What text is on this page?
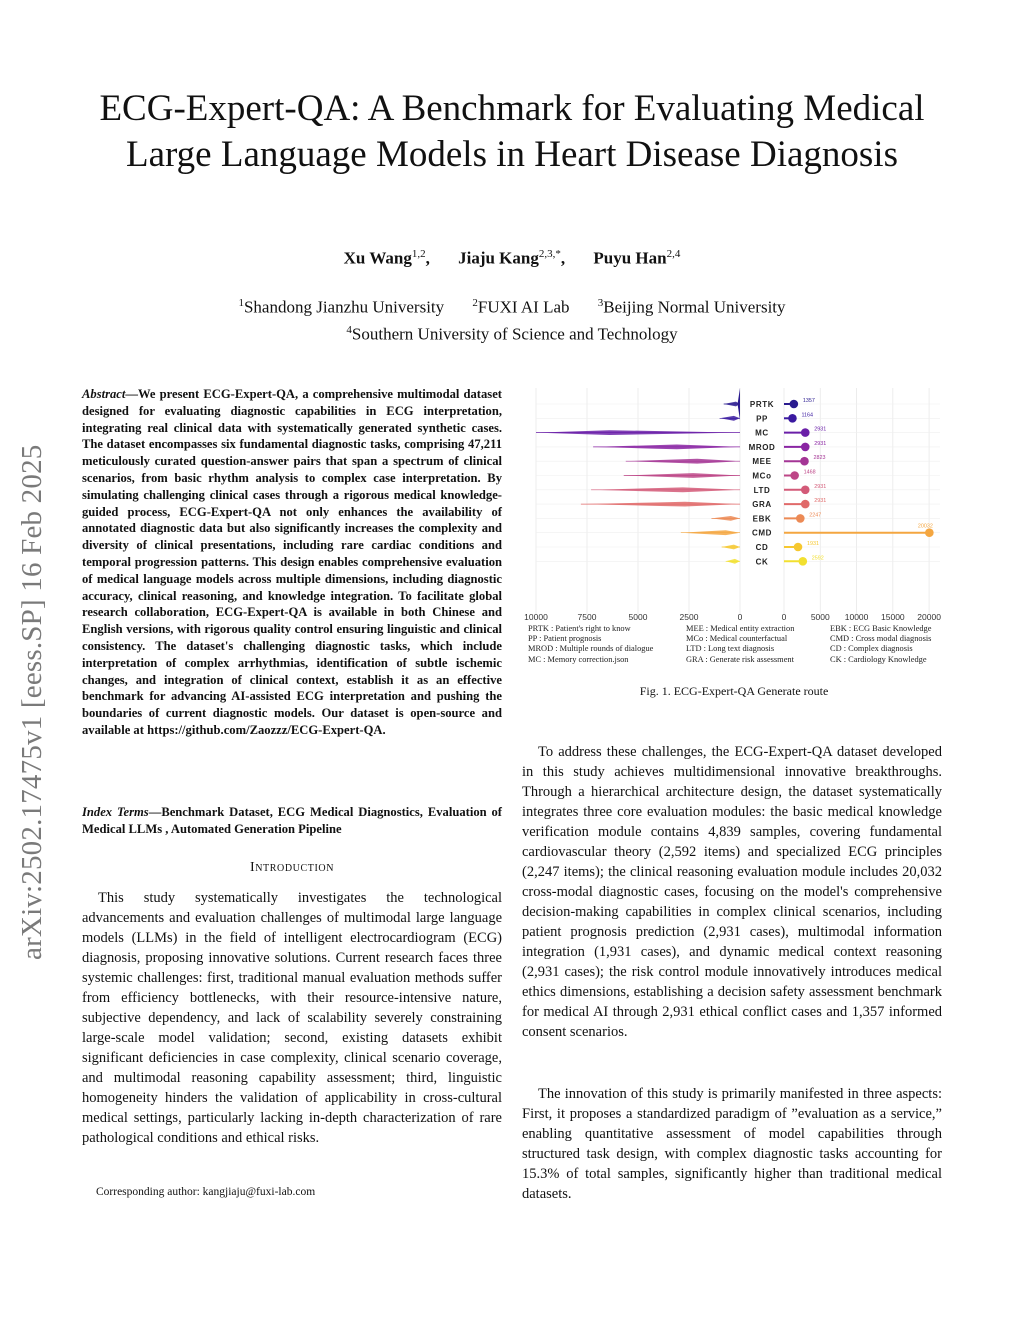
arXiv:2502.17475v1 [eess.SP] 16 Feb 2025
ECG-Expert-QA: A Benchmark for Evaluating Medical Large Language Models in Heart Disease Diagnosis
Xu Wang$^{1,2}$, Jiaju Kang$^{2,3,*}$, Puyu Han$^{2,4}$
$^1$Shandong Jianzhu University	$^2$FUXI AI Lab	$^3$Beijing Normal University
$^4$Southern University of Science and Technology
Abstract—We present ECG-Expert-QA, a comprehensive multimodal dataset designed for evaluating diagnostic capabilities in ECG interpretation, integrating real clinical data with systematically generated synthetic cases. The dataset encompasses six fundamental diagnostic tasks, comprising 47,211 meticulously curated question-answer pairs that span a spectrum of clinical scenarios, from basic rhythm analysis to complex case interpretation. By simulating challenging clinical cases through a rigorous medical knowledge-guided process, ECG-Expert-QA not only enhances the availability of annotated diagnostic data but also significantly increases the complexity and diversity of clinical presentations, including rare cardiac conditions and temporal progression patterns. This design enables comprehensive evaluation of medical language models across multiple dimensions, including diagnostic accuracy, clinical reasoning, and knowledge integration. To facilitate global research collaboration, ECG-Expert-QA is available in both Chinese and English versions, with rigorous quality control ensuring linguistic and clinical consistency. The dataset's challenging diagnostic tasks, which include interpretation of complex arrhythmias, identification of subtle ischemic changes, and integration of clinical context, establish it as an effective benchmark for advancing AI-assisted ECG interpretation and pushing the boundaries of current diagnostic models. Our dataset is open-source and available at https://github.com/Zaozzz/ECG-Expert-QA.
Index Terms—Benchmark Dataset, ECG Medical Diagnostics, Evaluation of Medical LLMs , Automated Generation Pipeline
Introduction
This study systematically investigates the technological advancements and evaluation challenges of multimodal large language models (LLMs) in the field of intelligent electrocardiogram (ECG) diagnosis, proposing innovative solutions. Current research faces three systemic challenges: first, traditional manual evaluation methods suffer from efficiency bottlenecks, with their resource-intensive nature, subjective dependency, and lack of scalability severely constraining large-scale model validation; second, existing datasets exhibit significant deficiencies in case complexity, clinical scenario coverage, and multimodal reasoning capability assessment; third, linguistic homogeneity hinders the validation of applicability in cross-cultural medical settings, particularly lacking in-depth characterization of rare pathological conditions and ethical risks.
Corresponding author: kangjiaju@fuxi-lab.com
PRTK	1357
PP	1164
MC	2931
MROD	2931
MEE	2823
MCo	1468
LTD	2931
GRA	2931
EBK	2247
CMD
20032
CD	1931
CK	2592
10000	7500	5000	2500	0	0	5000 10000 15000 20000
PRTK : Patient's right to know	MEE : Medical entity extraction	EBK : ECG Basic Knowledge
PP : Patient prognosis	MCo : Medical counterfactual	CMD : Cross modal diagnosis
MROD : Multiple rounds of dialogue	LTD : Long text diagnosis	CD : Complex diagnosis
MC : Memory correction.json	GRA : Generate risk assessment	CK : Cardiology Knowledge
Fig. 1. ECG-Expert-QA Generate route
To address these challenges, the ECG-Expert-QA dataset developed in this study achieves multidimensional innovative breakthroughs. Through a hierarchical architecture design, the dataset systematically integrates three core evaluation modules: the basic medical knowledge verification module contains 4,839 samples, covering fundamental cardiovascular theory (2,592 items) and specialized ECG principles (2,247 items); the clinical reasoning evaluation module includes 20,032 cross-modal diagnostic cases, focusing on the model's comprehensive decision-making capabilities in complex clinical scenarios, including patient prognosis prediction (2,931 cases), multimodal information integration (1,931 cases), and dynamic medical context reasoning (2,931 cases); the risk control module innovatively introduces medical ethics dimensions, establishing a decision safety assessment benchmark for medical AI through 2,931 ethical conflict cases and 1,357 informed consent scenarios.
The innovation of this study is primarily manifested in three aspects: First, it proposes a standardized paradigm of ”evaluation as a service,” enabling quantitative assessment of model capabilities through structured task design, with complex diagnostic tasks accounting for 15.3% of total samples, significantly higher than traditional medical datasets.
